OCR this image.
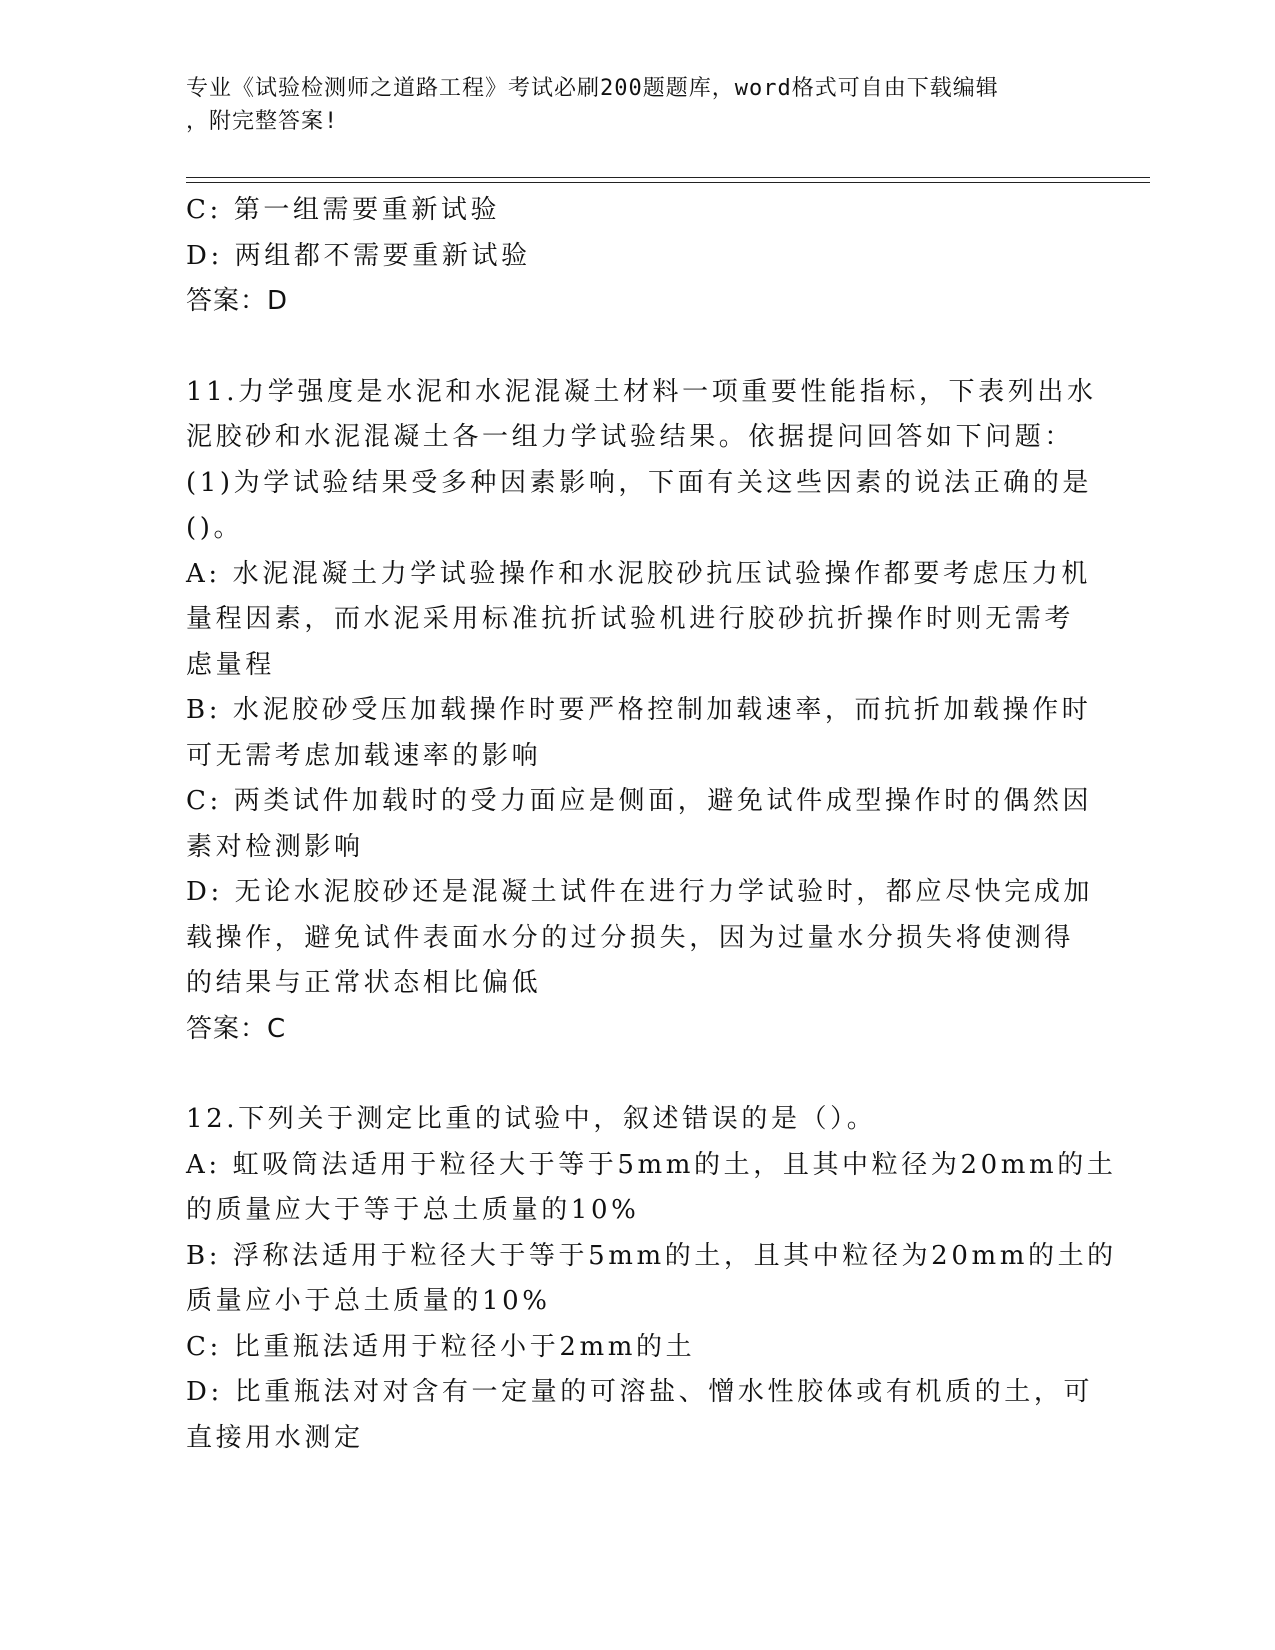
专业《试验检测师之道路工程》考试必刷200题题库，word格式可自由下载编辑
，附完整答案!
C: 第一组需要重新试验
D: 两组都不需要重新试验
答案：D
11.力学强度是水泥和水泥混凝土材料一项重要性能指标，下表列出水
泥胶砂和水泥混凝土各一组力学试验结果。依据提问回答如下问题：
(1)为学试验结果受多种因素影响，下面有关这些因素的说法正确的是
()。
A: 水泥混凝土力学试验操作和水泥胶砂抗压试验操作都要考虑压力机
量程因素，而水泥采用标准抗折试验机进行胶砂抗折操作时则无需考
虑量程
B: 水泥胶砂受压加载操作时要严格控制加载速率，而抗折加载操作时
可无需考虑加载速率的影响
C: 两类试件加载时的受力面应是侧面，避免试件成型操作时的偶然因
素对检测影响
D: 无论水泥胶砂还是混凝土试件在进行力学试验时，都应尽快完成加
载操作，避免试件表面水分的过分损失，因为过量水分损失将使测得
的结果与正常状态相比偏低
答案：C
12.下列关于测定比重的试验中，叙述错误的是（）。
A: 虹吸筒法适用于粒径大于等于5mm的土，且其中粒径为20mm的土
的质量应大于等于总土质量的10%
B: 浮称法适用于粒径大于等于5mm的土，且其中粒径为20mm的土的
质量应小于总土质量的10%
C: 比重瓶法适用于粒径小于2mm的土
D: 比重瓶法对对含有一定量的可溶盐、憎水性胶体或有机质的土，可
直接用水测定
